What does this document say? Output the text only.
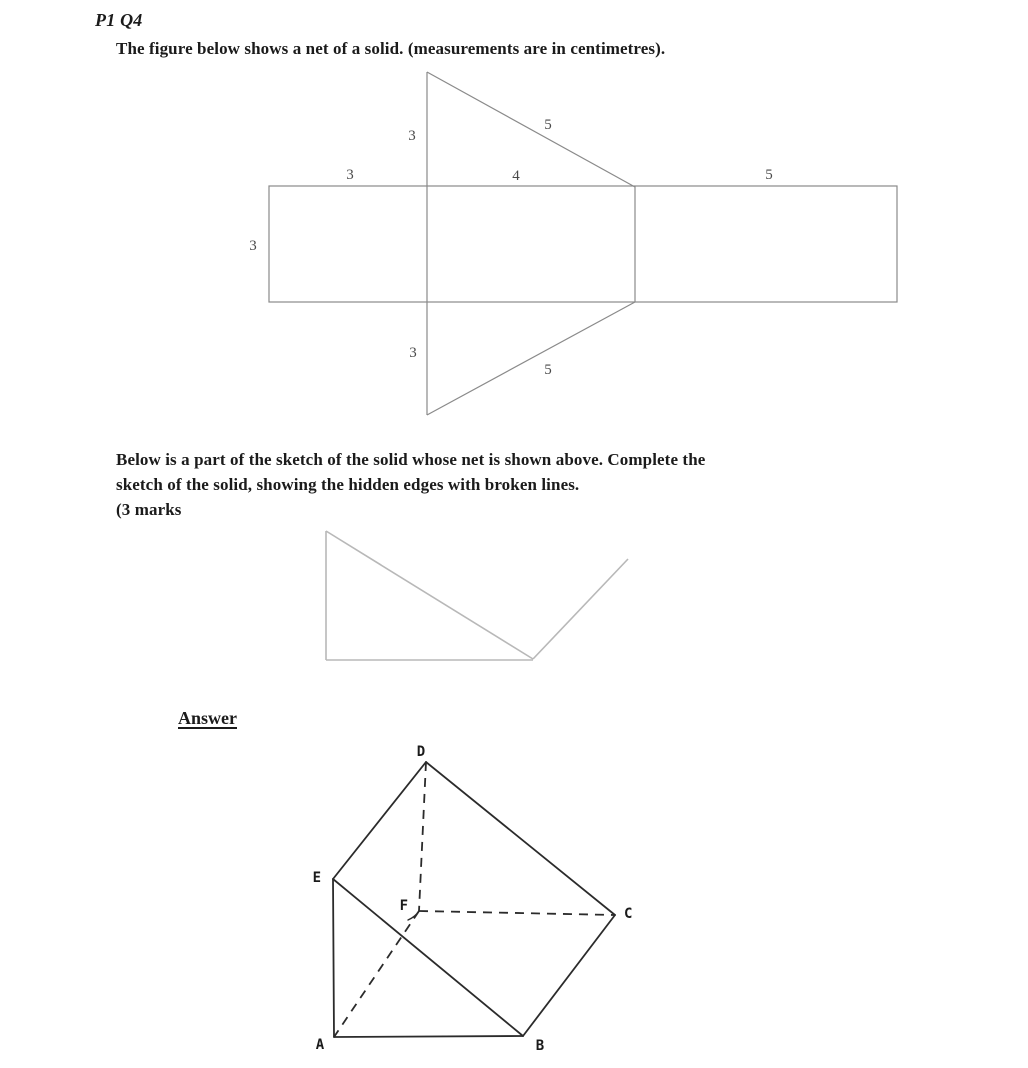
P1 Q4
The figure below shows a net of a solid. (measurements are in centimetres).
3
5
3	4	5
3
3
5
Below is a part of the sketch of the solid whose net is shown above. Complete the
sketch of the solid, showing the hidden edges with broken lines.
(3 marks
Answer
D
E
F	C
A	B
